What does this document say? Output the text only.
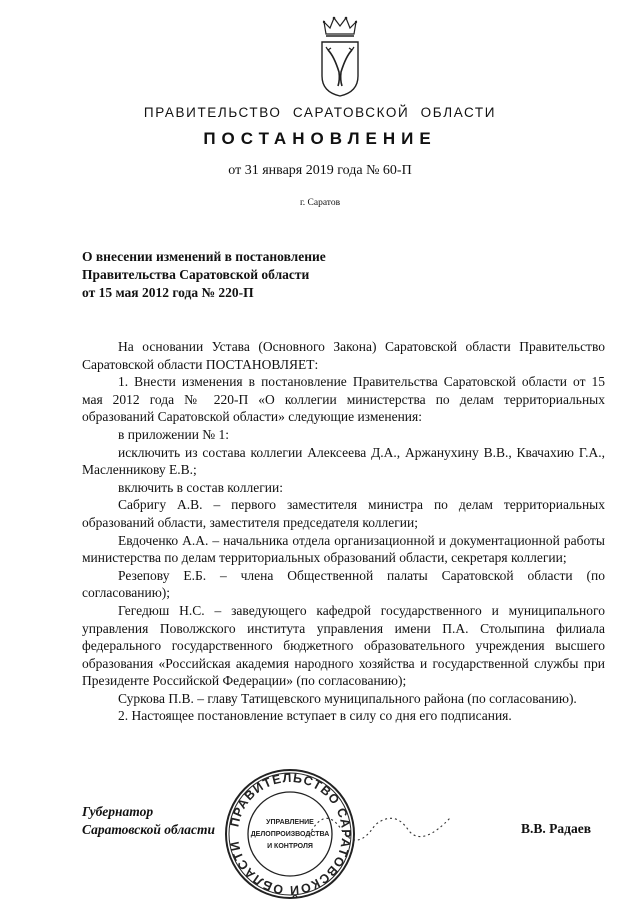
ПРАВИТЕЛЬСТВО САРАТОВСКОЙ ОБЛАСТИ
ПОСТАНОВЛЕНИЕ
от 31 января 2019 года № 60-П
г. Саратов
О внесении изменений в постановление
Правительства Саратовской области
от 15 мая 2012 года № 220-П

На основании Устава (Основного Закона) Саратовской области Правительство Саратовской области ПОСТАНОВЛЯЕТ:

1. Внести изменения в постановление Правительства Саратовской области от 15 мая 2012 года № 220-П «О коллегии министерства по делам территориальных образований Саратовской области» следующие изменения:

в приложении № 1:

исключить из состава коллегии Алексеева Д.А., Аржанухину В.В., Квачахию Г.А., Масленникову Е.В.;

включить в состав коллегии:

Сабригу А.В. – первого заместителя министра по делам территориальных образований области, заместителя председателя коллегии;

Евдоченко А.А. – начальника отдела организационной и документационной работы министерства по делам территориальных образований области, секретаря коллегии;

Резепову Е.Б. – члена Общественной палаты Саратовской области (по согласованию);

Гегедюш Н.С. – заведующего кафедрой государственного и муниципального управления Поволжского института управления имени П.А. Столыпина филиала федерального государственного бюджетного образовательного учреждения высшего образования «Российская академия народного хозяйства и государственной службы при Президенте Российской Федерации» (по согласованию);

Суркова П.В. – главу Татищевского муниципального района (по согласованию).

2. Настоящее постановление вступает в силу со дня его подписания.

Губернатор
Саратовской области	В.В. Радаев
ПРАВИТЕЛЬСТВО САРАТОВСКОЙ ОБЛАСТИ
УПРАВЛЕНИЕ
ДЕЛОПРОИЗВОДСТВА
И КОНТРОЛЯ
